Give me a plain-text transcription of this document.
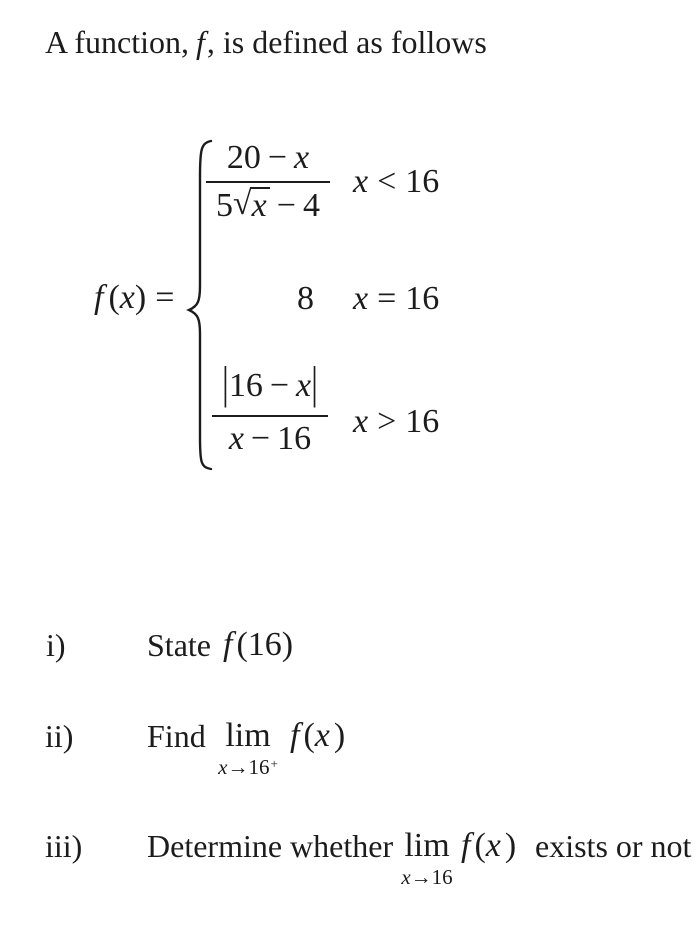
A function, f, is defined as follows
f (x) =
$\frac{20 - x}{5√x - 4}$ x < 16
8 x = 16
$\frac{|16 - x|}{x - 16}$ x > 16
i)	State f (16)
ii) Find lim
x→16+
f (x )
iii) Determine whether lim
x→16
f (x ) exists or not
